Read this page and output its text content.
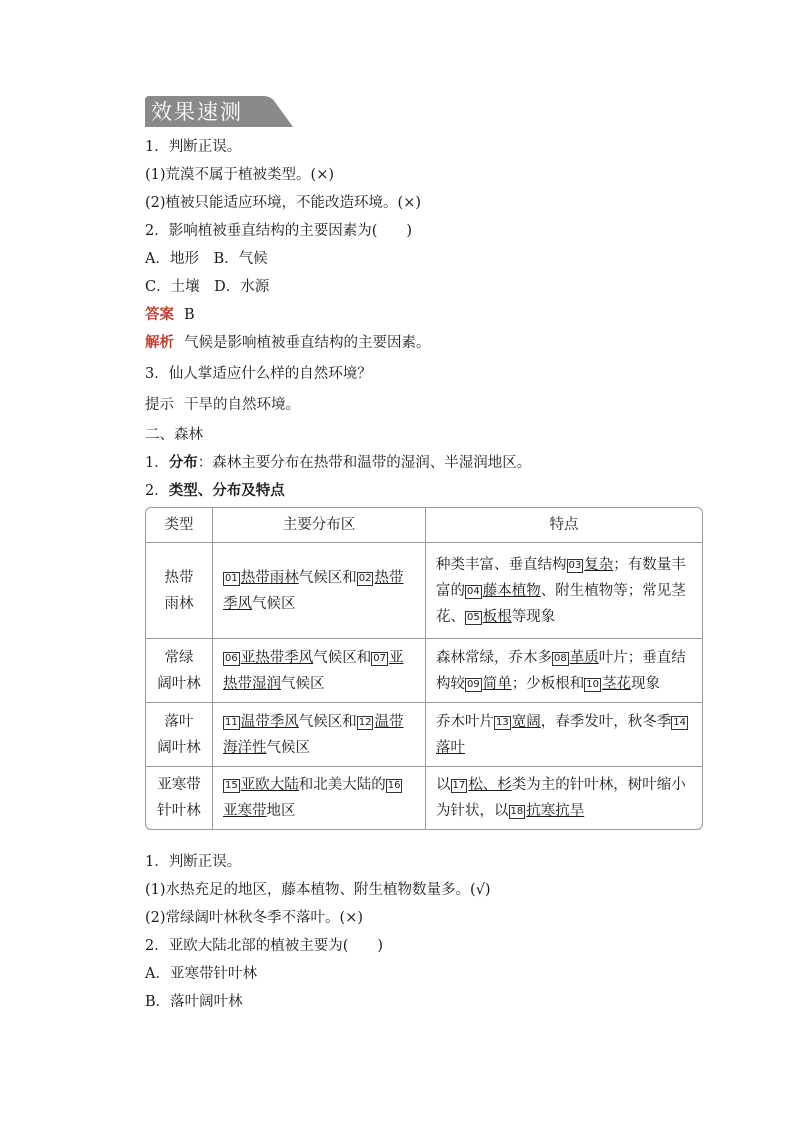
效果速测
1．判断正误。
(1)荒漠不属于植被类型。(×)
(2)植被只能适应环境，不能改造环境。(×)
2．影响植被垂直结构的主要因素为(　　)
A．地形　B．气候
C．土壤　D．水源
答案 B
解析 气候是影响植被垂直结构的主要因素。
3．仙人掌适应什么样的自然环境？
提示 干旱的自然环境。
二、森林
1．分布：森林主要分布在热带和温带的湿润、半湿润地区。
2．类型、分布及特点
类型	主要分布区	特点

热带
雨林	01 热带雨林气候区和 02 热带季风气候区	种类丰富、垂直结构 03 复杂；有数量丰富的 04 藤本植物、附生植物等；常见茎花、 05 板根等现象

常绿
阔叶林	06 亚热带季风气候区和 07 亚热带湿润气候区	森林常绿，乔木多 08 革质叶片；垂直结构较 09 简单；少板根和 10 茎花现象

落叶
阔叶林	11 温带季风气候区和 12 温带海洋性气候区	乔木叶片 13 宽阔，春季发叶，秋冬季 14落叶

亚寒带
针叶林	15 亚欧大陆和北美大陆的 16亚寒带地区	以 17 松、杉类为主的针叶林，树叶缩小为针状，以 18 抗寒抗旱
1．判断正误。
(1)水热充足的地区，藤本植物、附生植物数量多。(√)
(2)常绿阔叶林秋冬季不落叶。(×)
2．亚欧大陆北部的植被主要为(　　)
A．亚寒带针叶林
B．落叶阔叶林
